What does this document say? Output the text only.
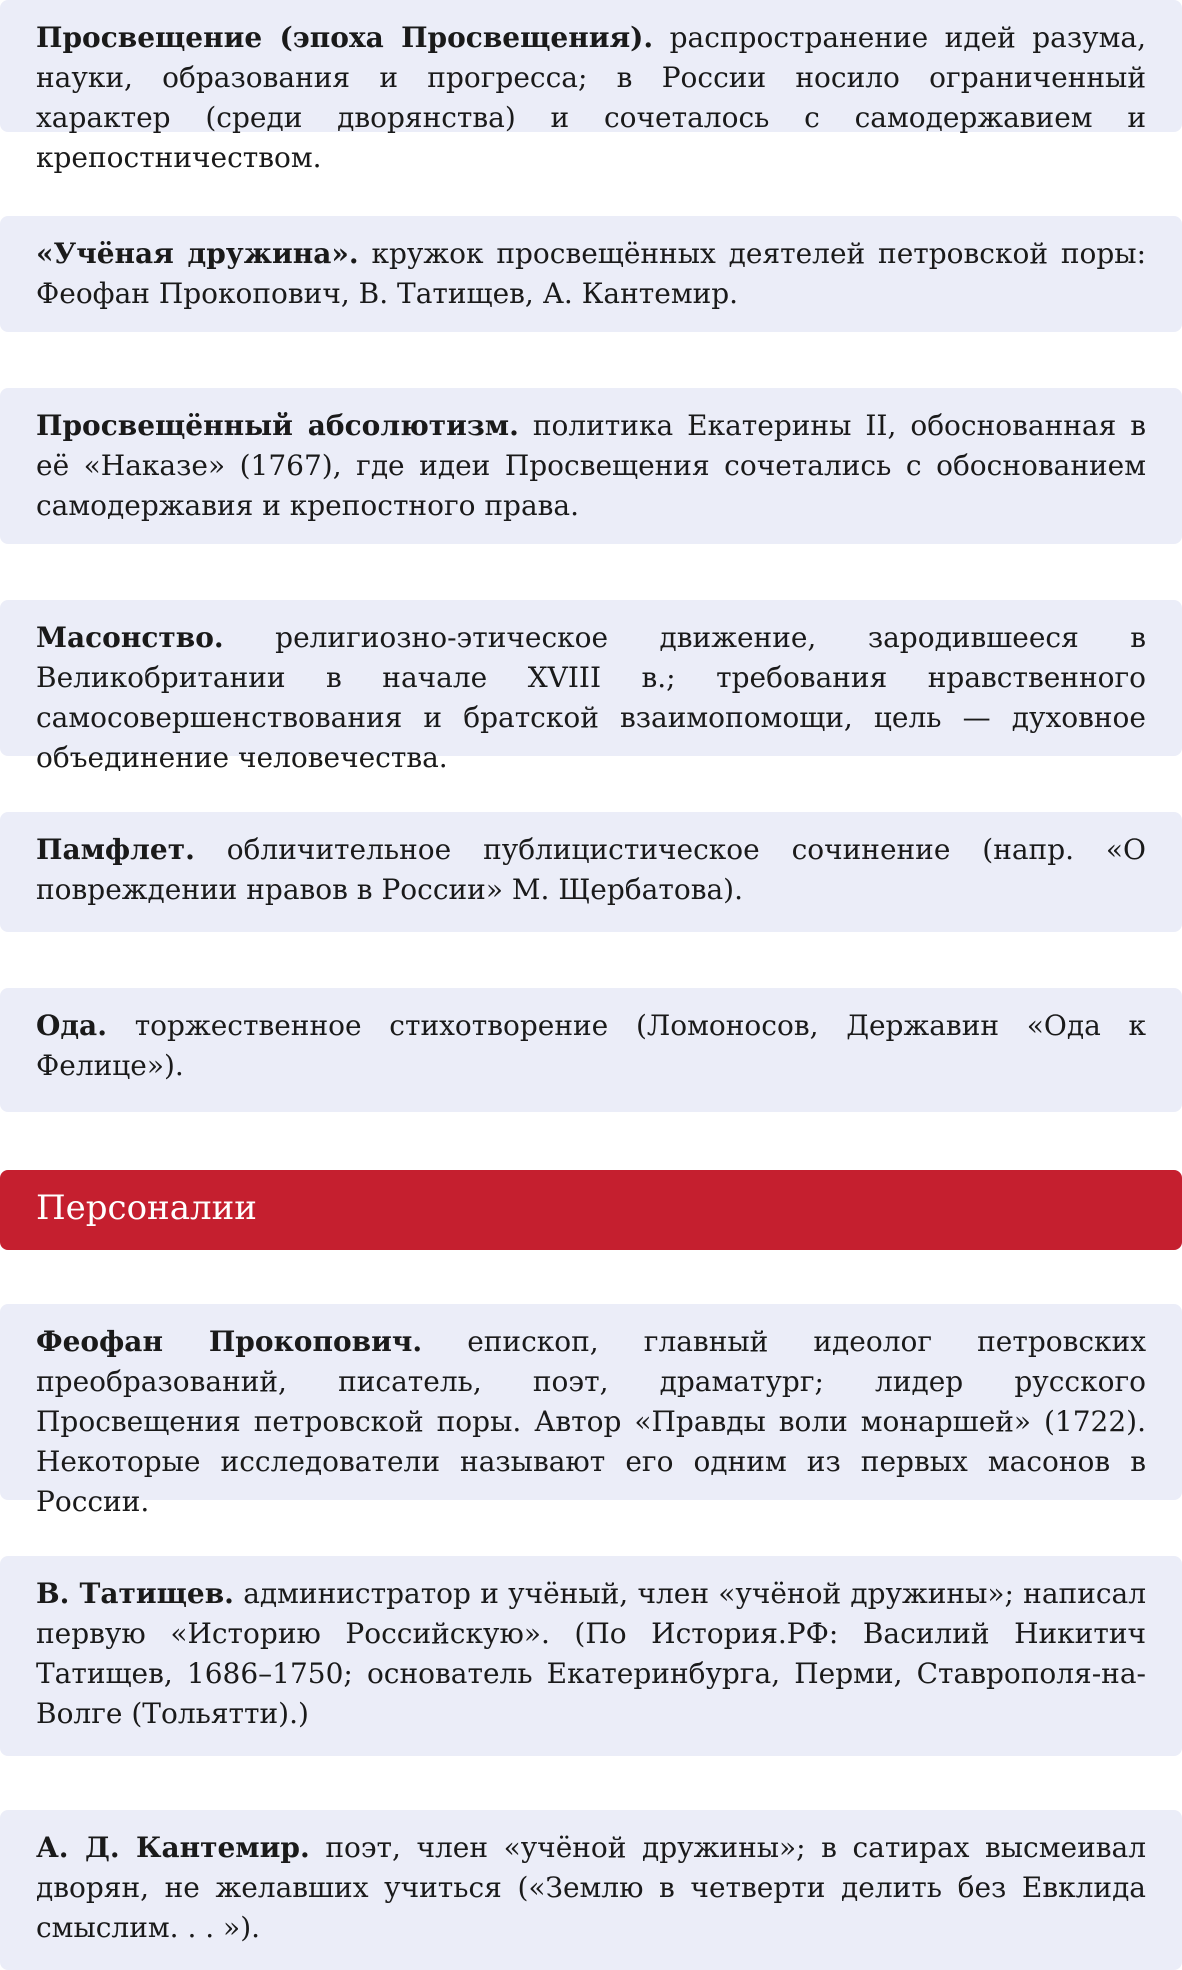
Просвещение (эпоха Просвещения). распространение идей разума, науки, образования и прогресса; в России носило ограниченный характер (среди дворянства) и сочеталось с самодержавием и крепостничеством.
«Учёная дружина». кружок просвещённых деятелей петровской поры: Феофан Прокопович, В. Татищев, А. Кантемир.
Просвещённый абсолютизм. политика Екатерины II, обоснованная в её «Наказе» (1767), где идеи Просвещения сочетались с обоснованием самодержавия и крепостного права.
Масонство. религиозно-этическое движение, зародившееся в Великобритании в начале XVIII в.; требования нравственного самосовершенствования и братской взаимопомощи, цель — духовное объединение человечества.
Памфлет. обличительное публицистическое сочинение (напр. «О повреждении нравов в России» М. Щербатова).
Ода. торжественное стихотворение (Ломоносов, Державин «Ода к Фелице»).
Персоналии
Феофан Прокопович. епископ, главный идеолог петровских преобразований, писатель, поэт, драматург; лидер русского Просвещения петровской поры. Автор «Правды воли монаршей» (1722). Некоторые исследователи называют его одним из первых масонов в России.
В. Татищев. администратор и учёный, член «учёной дружины»; написал первую «Историю Российскую». (По История.РФ: Василий Никитич Татищев, 1686–1750; основатель Екатеринбурга, Перми, Ставрополя-на-Волге (Тольятти).)
А. Д. Кантемир. поэт, член «учёной дружины»; в сатирах высмеивал дворян, не желавших учиться («Землю в четверти делить без Евклида смыслим. . . »).
